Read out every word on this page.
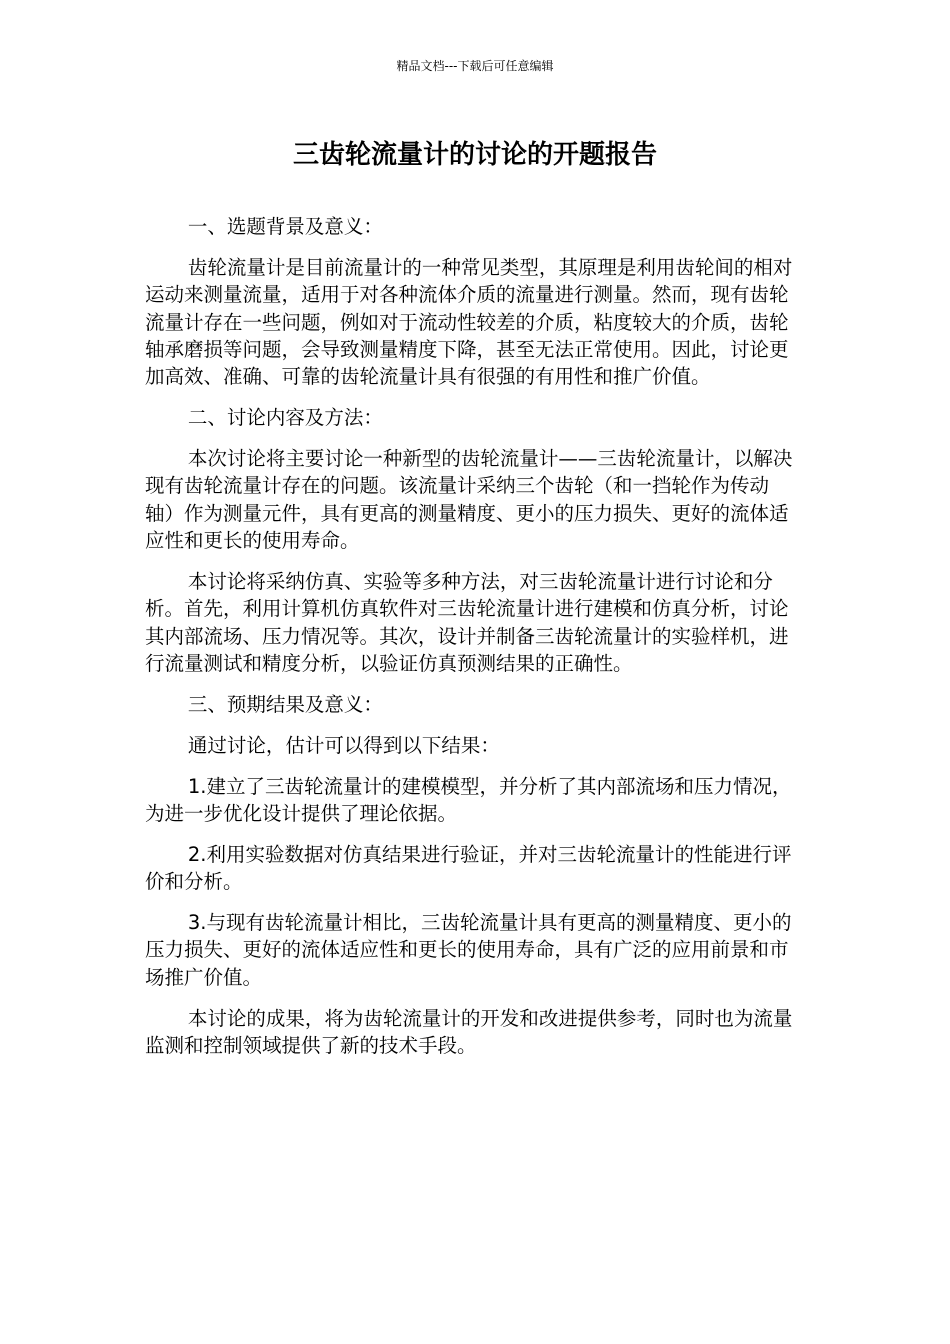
精品文档---下载后可任意编辑
三齿轮流量计的讨论的开题报告

一、选题背景及意义：

齿轮流量计是目前流量计的一种常见类型，其原理是利用齿轮间的相对运动来测量流量，适用于对各种流体介质的流量进行测量。然而，现有齿轮流量计存在一些问题，例如对于流动性较差的介质，粘度较大的介质，齿轮轴承磨损等问题，会导致测量精度下降，甚至无法正常使用。因此，讨论更加高效、准确、可靠的齿轮流量计具有很强的有用性和推广价值。

二、讨论内容及方法：

本次讨论将主要讨论一种新型的齿轮流量计——三齿轮流量计，以解决现有齿轮流量计存在的问题。该流量计采纳三个齿轮（和一挡轮作为传动轴）作为测量元件，具有更高的测量精度、更小的压力损失、更好的流体适应性和更长的使用寿命。

本讨论将采纳仿真、实验等多种方法，对三齿轮流量计进行讨论和分析。首先，利用计算机仿真软件对三齿轮流量计进行建模和仿真分析，讨论其内部流场、压力情况等。其次，设计并制备三齿轮流量计的实验样机，进行流量测试和精度分析，以验证仿真预测结果的正确性。

三、预期结果及意义：

通过讨论，估计可以得到以下结果：

1.建立了三齿轮流量计的建模模型，并分析了其内部流场和压力情况，为进一步优化设计提供了理论依据。

2.利用实验数据对仿真结果进行验证，并对三齿轮流量计的性能进行评价和分析。

3.与现有齿轮流量计相比，三齿轮流量计具有更高的测量精度、更小的压力损失、更好的流体适应性和更长的使用寿命，具有广泛的应用前景和市场推广价值。

本讨论的成果，将为齿轮流量计的开发和改进提供参考，同时也为流量监测和控制领域提供了新的技术手段。
